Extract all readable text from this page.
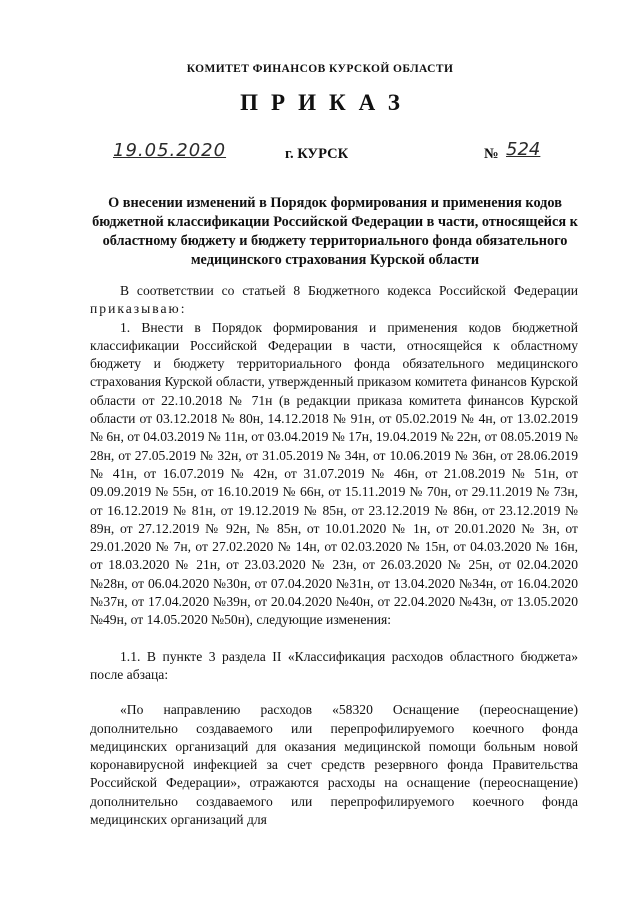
КОМИТЕТ ФИНАНСОВ КУРСКОЙ ОБЛАСТИ
ПРИКАЗ
19.05.2020	г. КУРСК	№ 524
О внесении изменений в Порядок формирования и применения кодов бюджетной классификации Российской Федерации в части, относящейся к областному бюджету и бюджету территориального фонда обязательного медицинского страхования Курской области

В соответствии со статьей 8 Бюджетного кодекса Российской Федерации приказываю:

1. Внести в Порядок формирования и применения кодов бюджетной классификации Российской Федерации в части, относящейся к областному бюджету и бюджету территориального фонда обязательного медицинского страхования Курской области, утвержденный приказом комитета финансов Курской области от 22.10.2018 № 71н (в редакции приказа комитета финансов Курской области от 03.12.2018 № 80н, 14.12.2018 № 91н, от 05.02.2019 № 4н, от 13.02.2019 № 6н, от 04.03.2019 № 11н, от 03.04.2019 № 17н, 19.04.2019 № 22н, от 08.05.2019 № 28н, от 27.05.2019 № 32н, от 31.05.2019 № 34н, от 10.06.2019 № 36н, от 28.06.2019 № 41н, от 16.07.2019 № 42н, от 31.07.2019 № 46н, от 21.08.2019 № 51н, от 09.09.2019 № 55н, от 16.10.2019 № 66н, от 15.11.2019 № 70н, от 29.11.2019 № 73н, от 16.12.2019 № 81н, от 19.12.2019 № 85н, от 23.12.2019 № 86н, от 23.12.2019 № 89н, от 27.12.2019 № 92н, № 85н, от 10.01.2020 № 1н, от 20.01.2020 № 3н, от 29.01.2020 № 7н, от 27.02.2020 № 14н, от 02.03.2020 № 15н, от 04.03.2020 № 16н, от 18.03.2020 № 21н, от 23.03.2020 № 23н, от 26.03.2020 № 25н, от 02.04.2020 №28н, от 06.04.2020 №30н, от 07.04.2020 №31н, от 13.04.2020 №34н, от 16.04.2020 №37н, от 17.04.2020 №39н, от 20.04.2020 №40н, от 22.04.2020 №43н, от 13.05.2020 №49н, от 14.05.2020 №50н), следующие изменения:

1.1. В пункте 3 раздела II «Классификация расходов областного бюджета» после абзаца:

«По направлению расходов «58320 Оснащение (переоснащение) дополнительно создаваемого или перепрофилируемого коечного фонда медицинских организаций для оказания медицинской помощи больным новой коронавирусной инфекцией за счет средств резервного фонда Правительства Российской Федерации», отражаются расходы на оснащение (переоснащение) дополнительно создаваемого или перепрофилируемого коечного фонда медицинских организаций для
